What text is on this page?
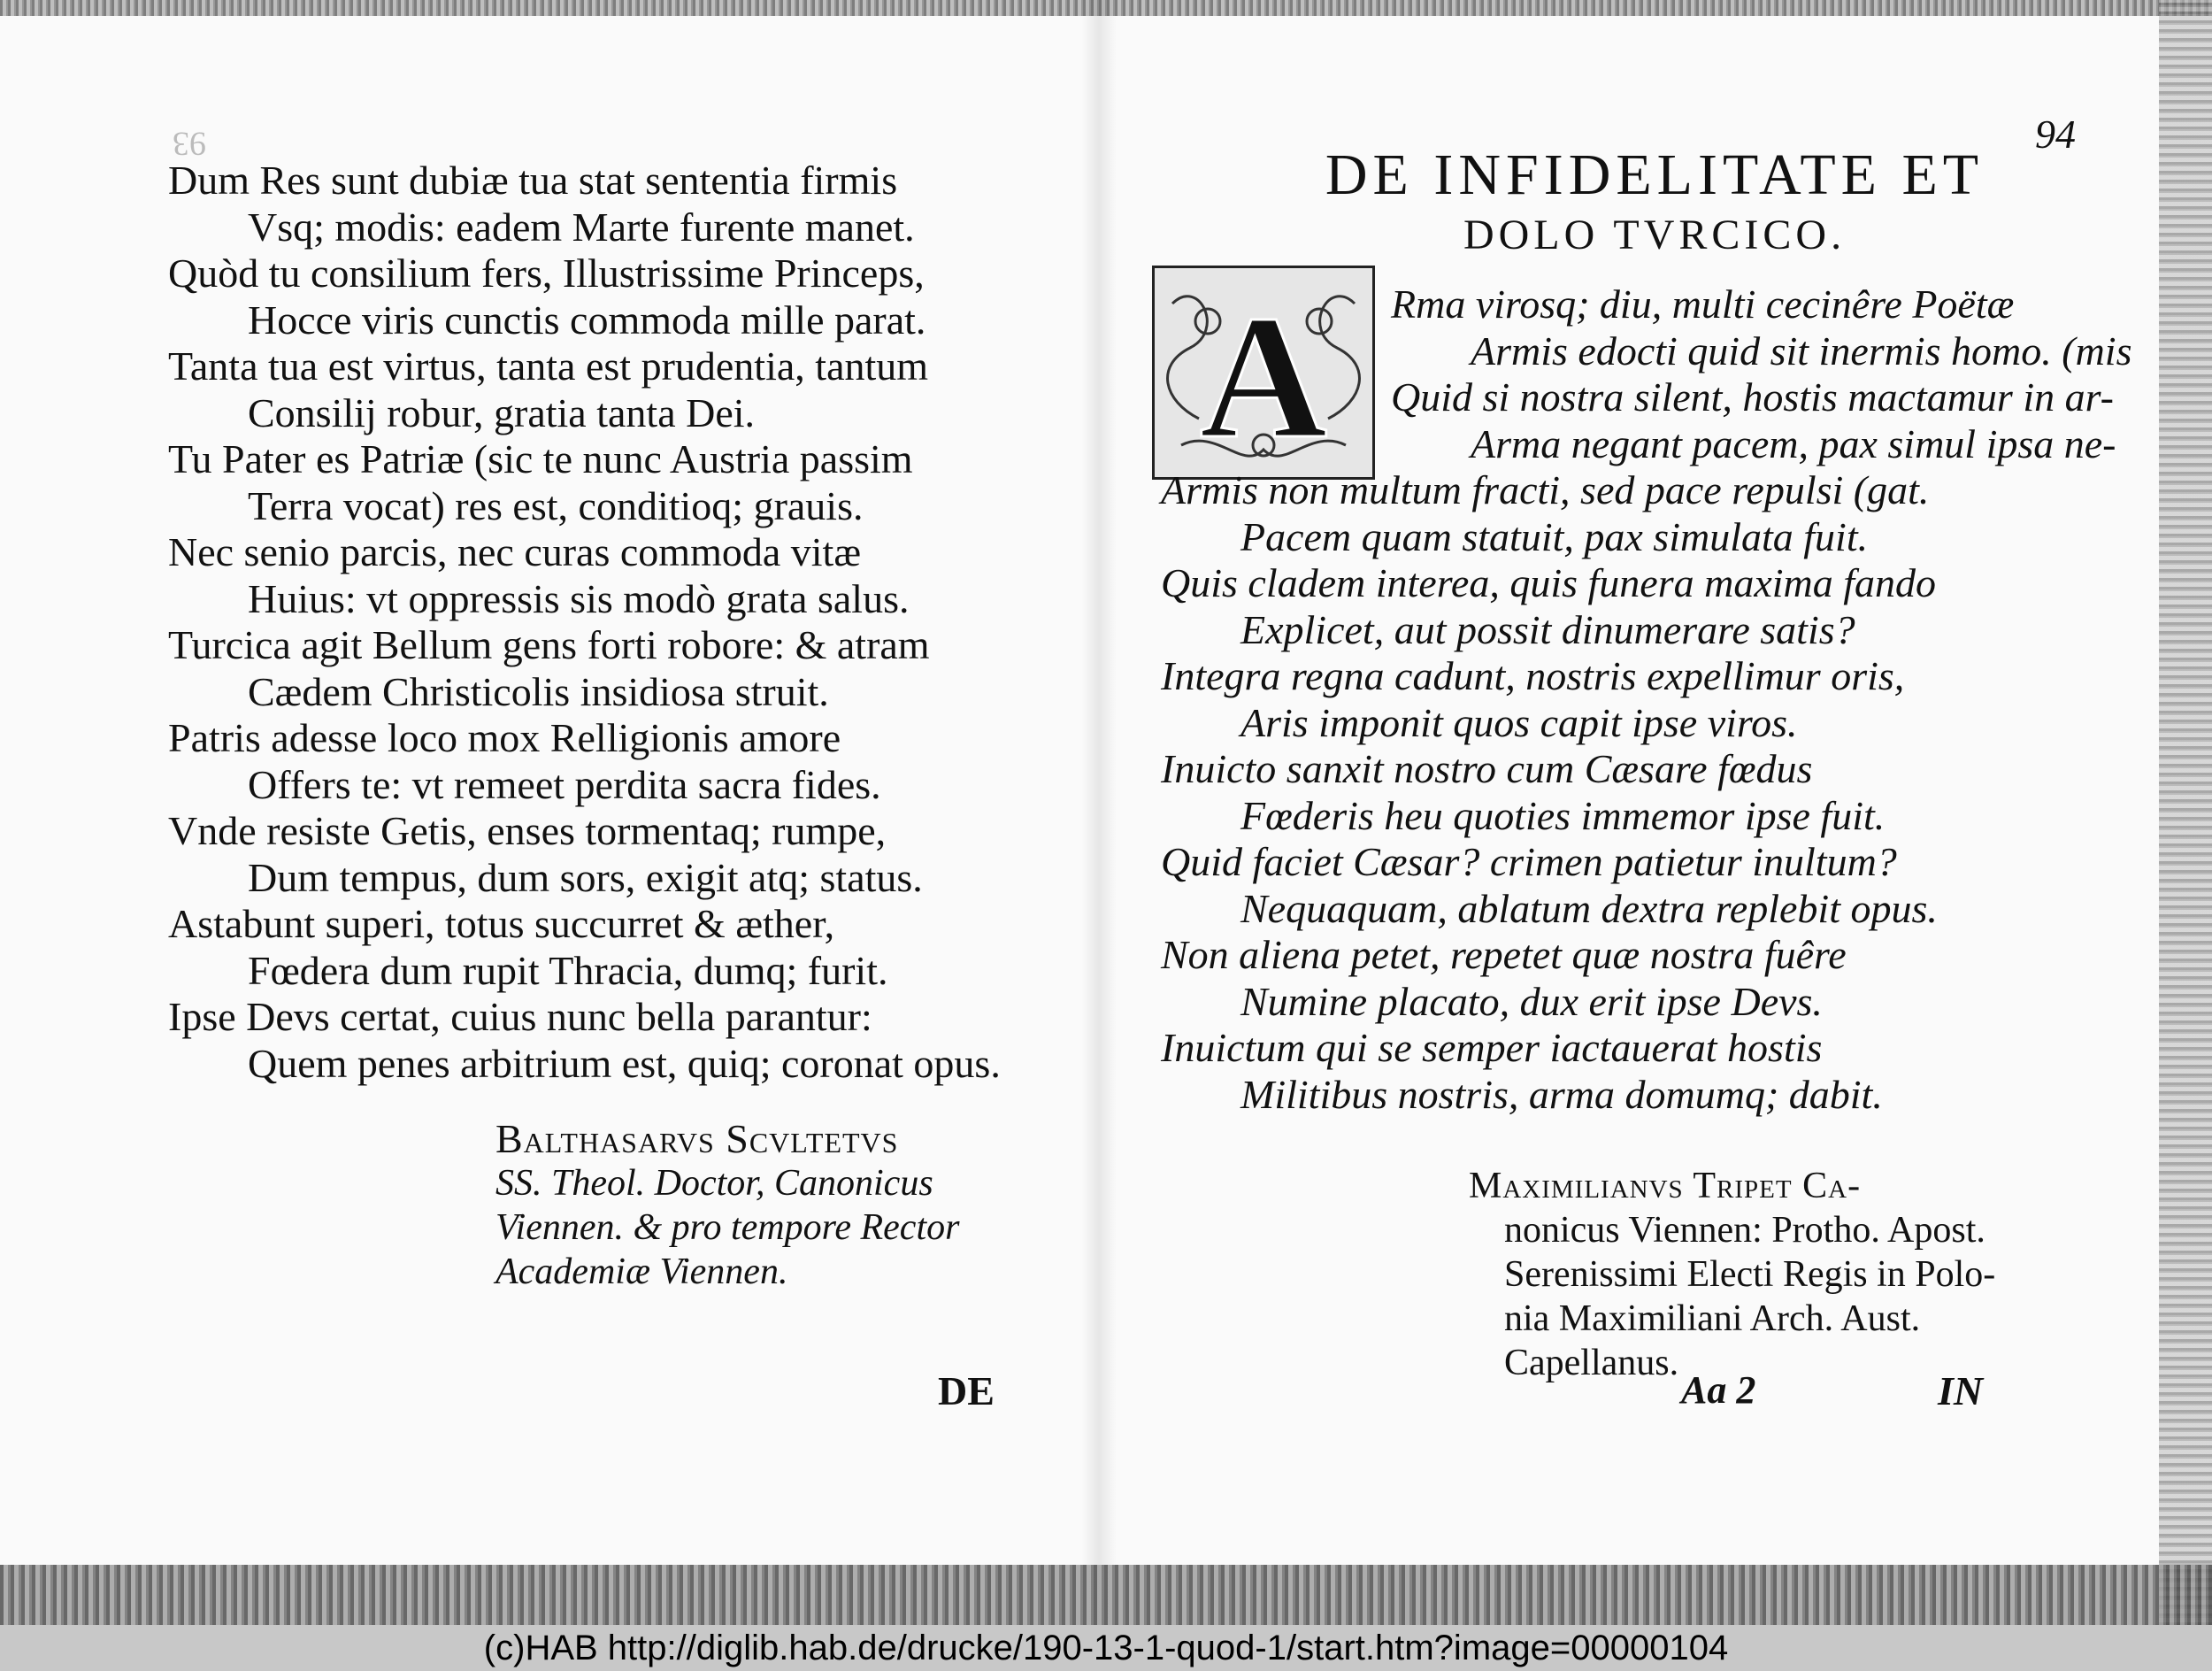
93
Dum Res sunt dubiæ tua stat sententia firmis
Vsq; modis: eadem Marte furente manet.
Quòd tu consilium fers, Illustrissime Princeps,
Hocce viris cunctis commoda mille parat.
Tanta tua est virtus, tanta est prudentia, tantum
Consilij robur, gratia tanta Dei.
Tu Pater es Patriæ (sic te nunc Austria passim
Terra vocat) res est, conditioq; grauis.
Nec senio parcis, nec curas commoda vitæ
Huius: vt oppressis sis modò grata salus.
Turcica agit Bellum gens forti robore: & atram
Cædem Christicolis insidiosa struit.
Patris adesse loco mox Relligionis amore
Offers te: vt remeet perdita sacra fides.
Vnde resiste Getis, enses tormentaq; rumpe,
Dum tempus, dum sors, exigit atq; status.
Astabunt superi, totus succurret & æther,
Fœdera dum rupit Thracia, dumq; furit.
Ipse Devs certat, cuius nunc bella parantur:
Quem penes arbitrium est, quiq; coronat opus.
Balthasarvs Scvltetvs
SS. Theol. Doctor, Canonicus
Viennen. & pro tempore Rector
Academiæ Viennen.
DE
94
DE INFIDELITATE ET
DOLO TVRCICO.
A Rma virosq; diu, multi cecinêre Poëtæ
Armis edocti quid sit inermis homo. (mis
Quid si nostra silent, hostis mactamur in ar-
Arma negant pacem, pax simul ipsa ne-
Armis non multum fracti, sed pace repulsi (gat.
Pacem quam statuit, pax simulata fuit.
Quis cladem interea, quis funera maxima fando
Explicet, aut possit dinumerare satis?
Integra regna cadunt, nostris expellimur oris,
Aris imponit quos capit ipse viros.
Inuicto sanxit nostro cum Cæsare fœdus
Fœderis heu quoties immemor ipse fuit.
Quid faciet Cæsar? crimen patietur inultum?
Nequaquam, ablatum dextra replebit opus.
Non aliena petet, repetet quæ nostra fuêre
Numine placato, dux erit ipse Devs.
Inuictum qui se semper iactauerat hostis
Militibus nostris, arma domumq; dabit.
Maximilianvs Tripet Ca-
nonicus Viennen: Protho. Apost.
Serenissimi Electi Regis in Polo-
nia Maximiliani Arch. Aust.
Capellanus.
Aa 2	IN
(c)HAB http://diglib.hab.de/drucke/190-13-1-quod-1/start.htm?image=00000104
